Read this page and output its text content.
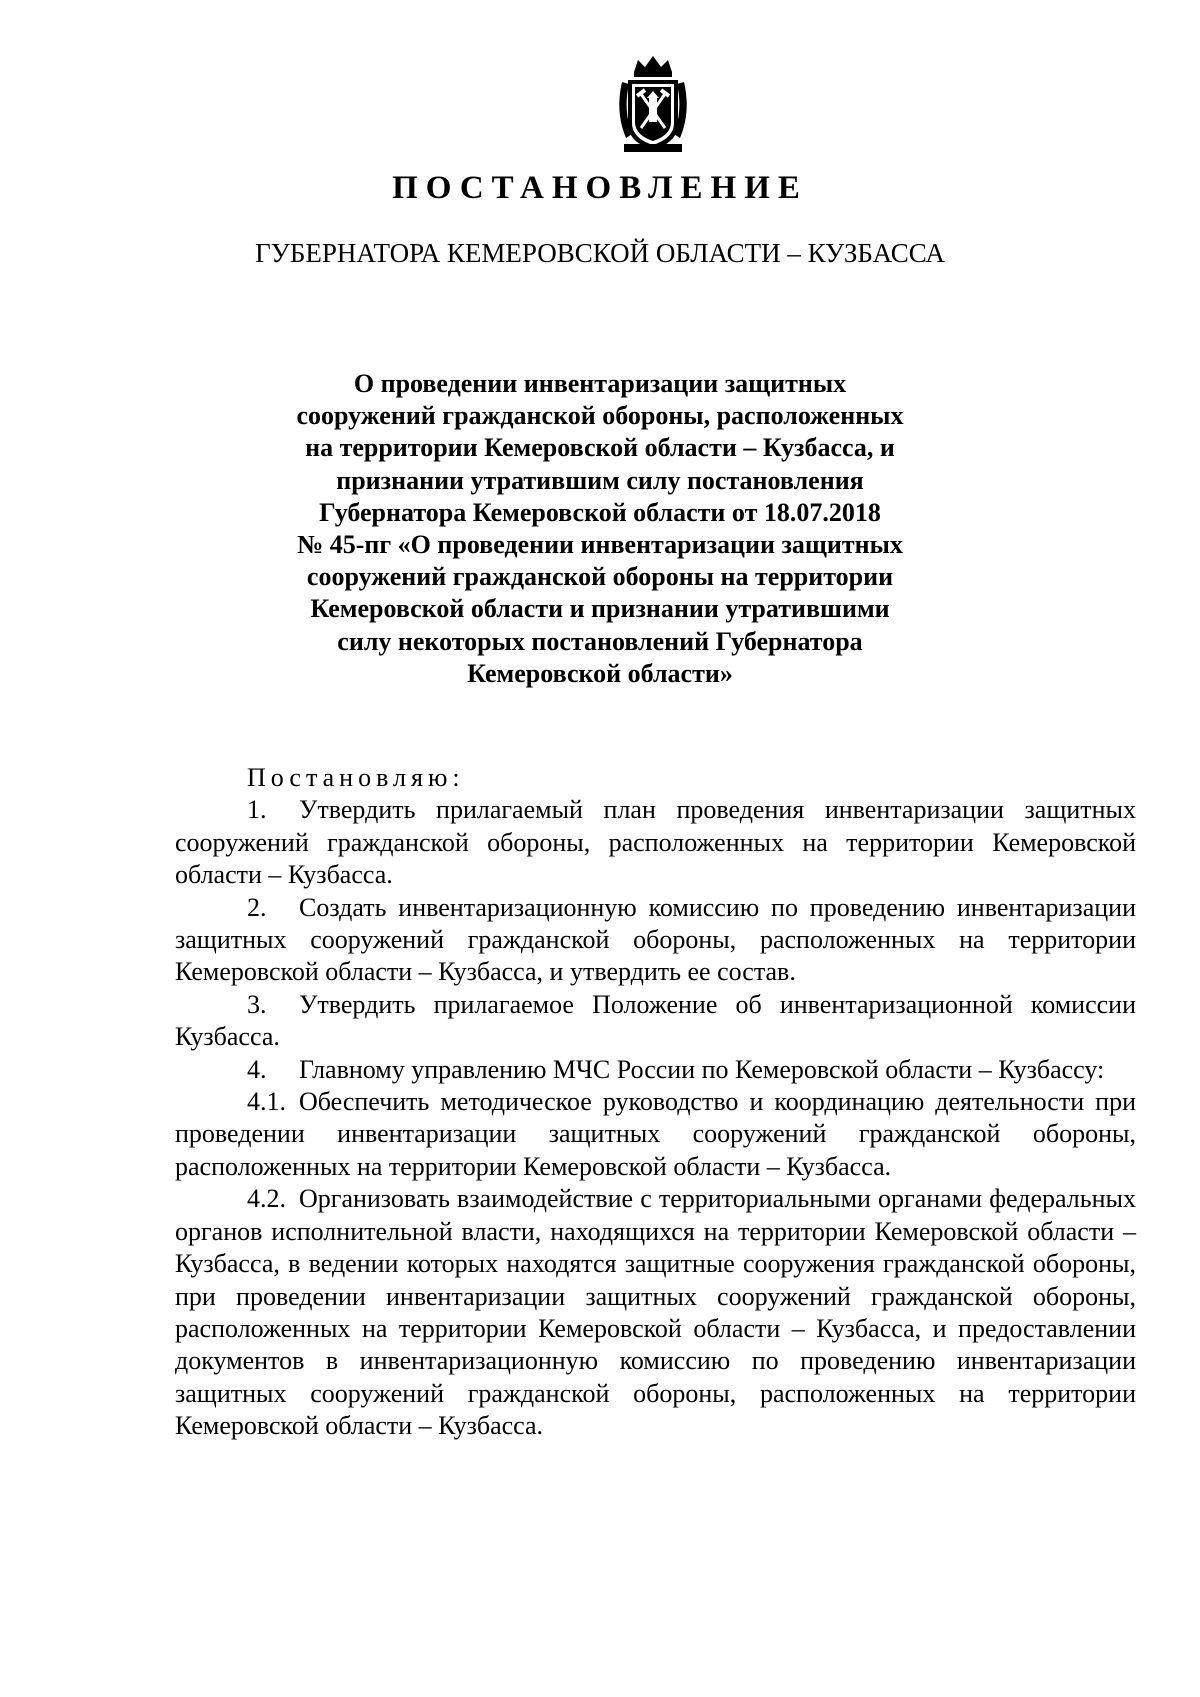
ПОСТАНОВЛЕНИЕ
ГУБЕРНАТОРА КЕМЕРОВСКОЙ ОБЛАСТИ – КУЗБАССА
О проведении инвентаризации защитных
сооружений гражданской обороны, расположенных
на территории Кемеровской области – Кузбасса, и
признании утратившим силу постановления
Губернатора Кемеровской области от 18.07.2018
№ 45-пг «О проведении инвентаризации защитных
сооружений гражданской обороны на территории
Кемеровской области и признании утратившими
силу некоторых постановлений Губернатора
Кемеровской области»
Постановляю:

1. Утвердить прилагаемый план проведения инвентаризации защитных сооружений гражданской обороны, расположенных на территории Кемеровской области – Кузбасса.

2. Создать инвентаризационную комиссию по проведению инвентаризации защитных сооружений гражданской обороны, расположенных на территории Кемеровской области – Кузбасса, и утвердить ее состав.

3. Утвердить прилагаемое Положение об инвентаризационной комиссии Кузбасса.

4. Главному управлению МЧС России по Кемеровской области – Кузбассу:

4.1. Обеспечить методическое руководство и координацию деятельности при проведении инвентаризации защитных сооружений гражданской обороны, расположенных на территории Кемеровской области – Кузбасса.

4.2. Организовать взаимодействие с территориальными органами федеральных органов исполнительной власти, находящихся на территории Кемеровской области – Кузбасса, в ведении которых находятся защитные сооружения гражданской обороны, при проведении инвентаризации защитных сооружений гражданской обороны, расположенных на территории Кемеровской области – Кузбасса, и предоставлении документов в инвентаризационную комиссию по проведению инвентаризации защитных сооружений гражданской обороны, расположенных на территории Кемеровской области – Кузбасса.
